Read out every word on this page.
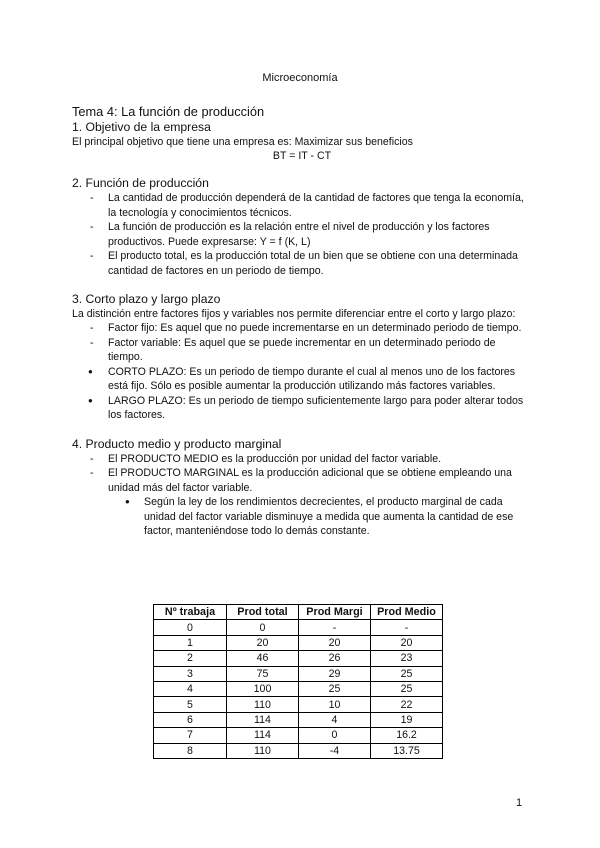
Microeconomía
Tema 4: La función de producción
1. Objetivo de la empresa

El principal objetivo que tiene una empresa es: Maximizar sus beneficios

BT = IT - CT

2. Función de producción
- La cantidad de producción dependerá de la cantidad de factores que tenga la economía, la tecnología y conocimientos técnicos.
- La función de producción es la relación entre el nivel de producción y los factores productivos. Puede expresarse: Y = f (K, L)
- El producto total, es la producción total de un bien que se obtiene con una determinada cantidad de factores en un periodo de tiempo.
3. Corto plazo y largo plazo

La distinción entre factores fijos y variables nos permite diferenciar entre el corto y largo plazo:

- Factor fijo: Es aquel que no puede incrementarse en un determinado periodo de tiempo.
- Factor variable: Es aquel que se puede incrementar en un determinado periodo de tiempo.
● CORTO PLAZO: Es un periodo de tiempo durante el cual al menos uno de los factores está fijo. Sólo es posible aumentar la producción utilizando más factores variables.
● LARGO PLAZO: Es un periodo de tiempo suficientemente largo para poder alterar todos los factores.
4. Producto medio y producto marginal
- El PRODUCTO MEDIO es la producción por unidad del factor variable.
- El PRODUCTO MARGINAL es la producción adicional que se obtiene empleando una unidad más del factor variable.
● Según la ley de los rendimientos decrecientes, el producto marginal de cada unidad del factor variable disminuye a medida que aumenta la cantidad de ese factor, manteniéndose todo lo demás constante.
Nº trabaja	Prod total	Prod Margi	Prod Medio
0	0	-	-
1	20	20	20
2	46	26	23
3	75	29	25
4	100	25	25
5	110	10	22
6	114	4	19
7	114	0	16.2
8	110	-4	13.75
1
